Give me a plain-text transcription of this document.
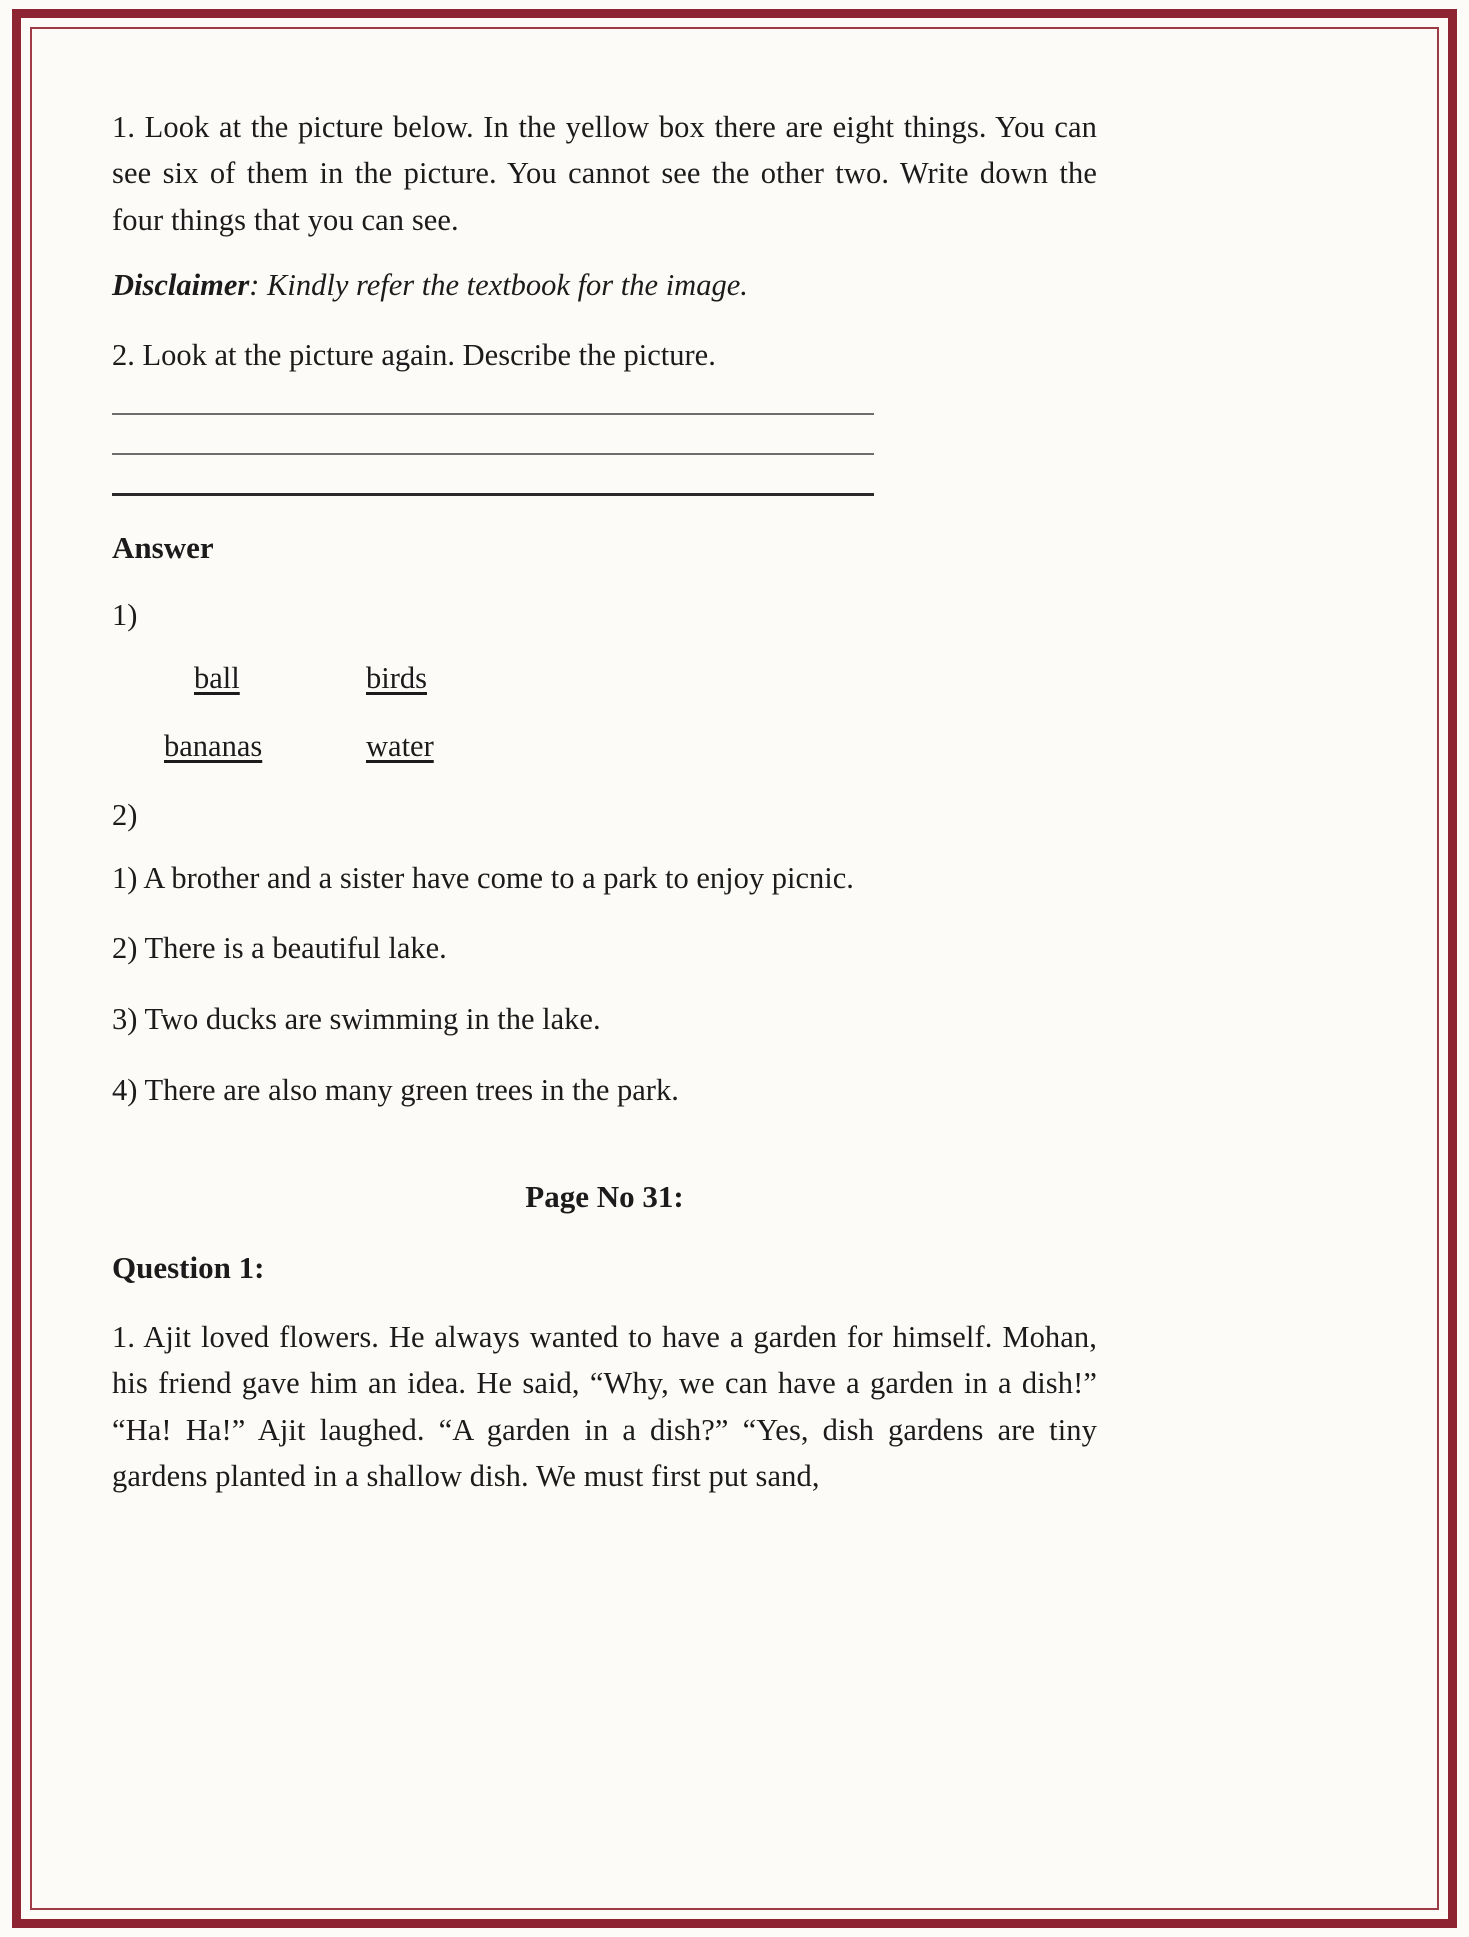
1. Look at the picture below. In the yellow box there are eight things. You can see six of them in the picture. You cannot see the other two. Write down the four things that you can see.

Disclaimer: Kindly refer the textbook for the image.

2. Look at the picture again. Describe the picture.

Answer
1)
ball	birds
bananas	water
2)
1) A brother and a sister have come to a park to enjoy picnic.
2) There is a beautiful lake.
3) Two ducks are swimming in the lake.
4) There are also many green trees in the park.
Page No 31:
Question 1:

1. Ajit loved flowers. He always wanted to have a garden for himself. Mohan, his friend gave him an idea. He said, “Why, we can have a garden in a dish!” “Ha! Ha!” Ajit laughed. “A garden in a dish?” “Yes, dish gardens are tiny gardens planted in a shallow dish. We must first put sand,
